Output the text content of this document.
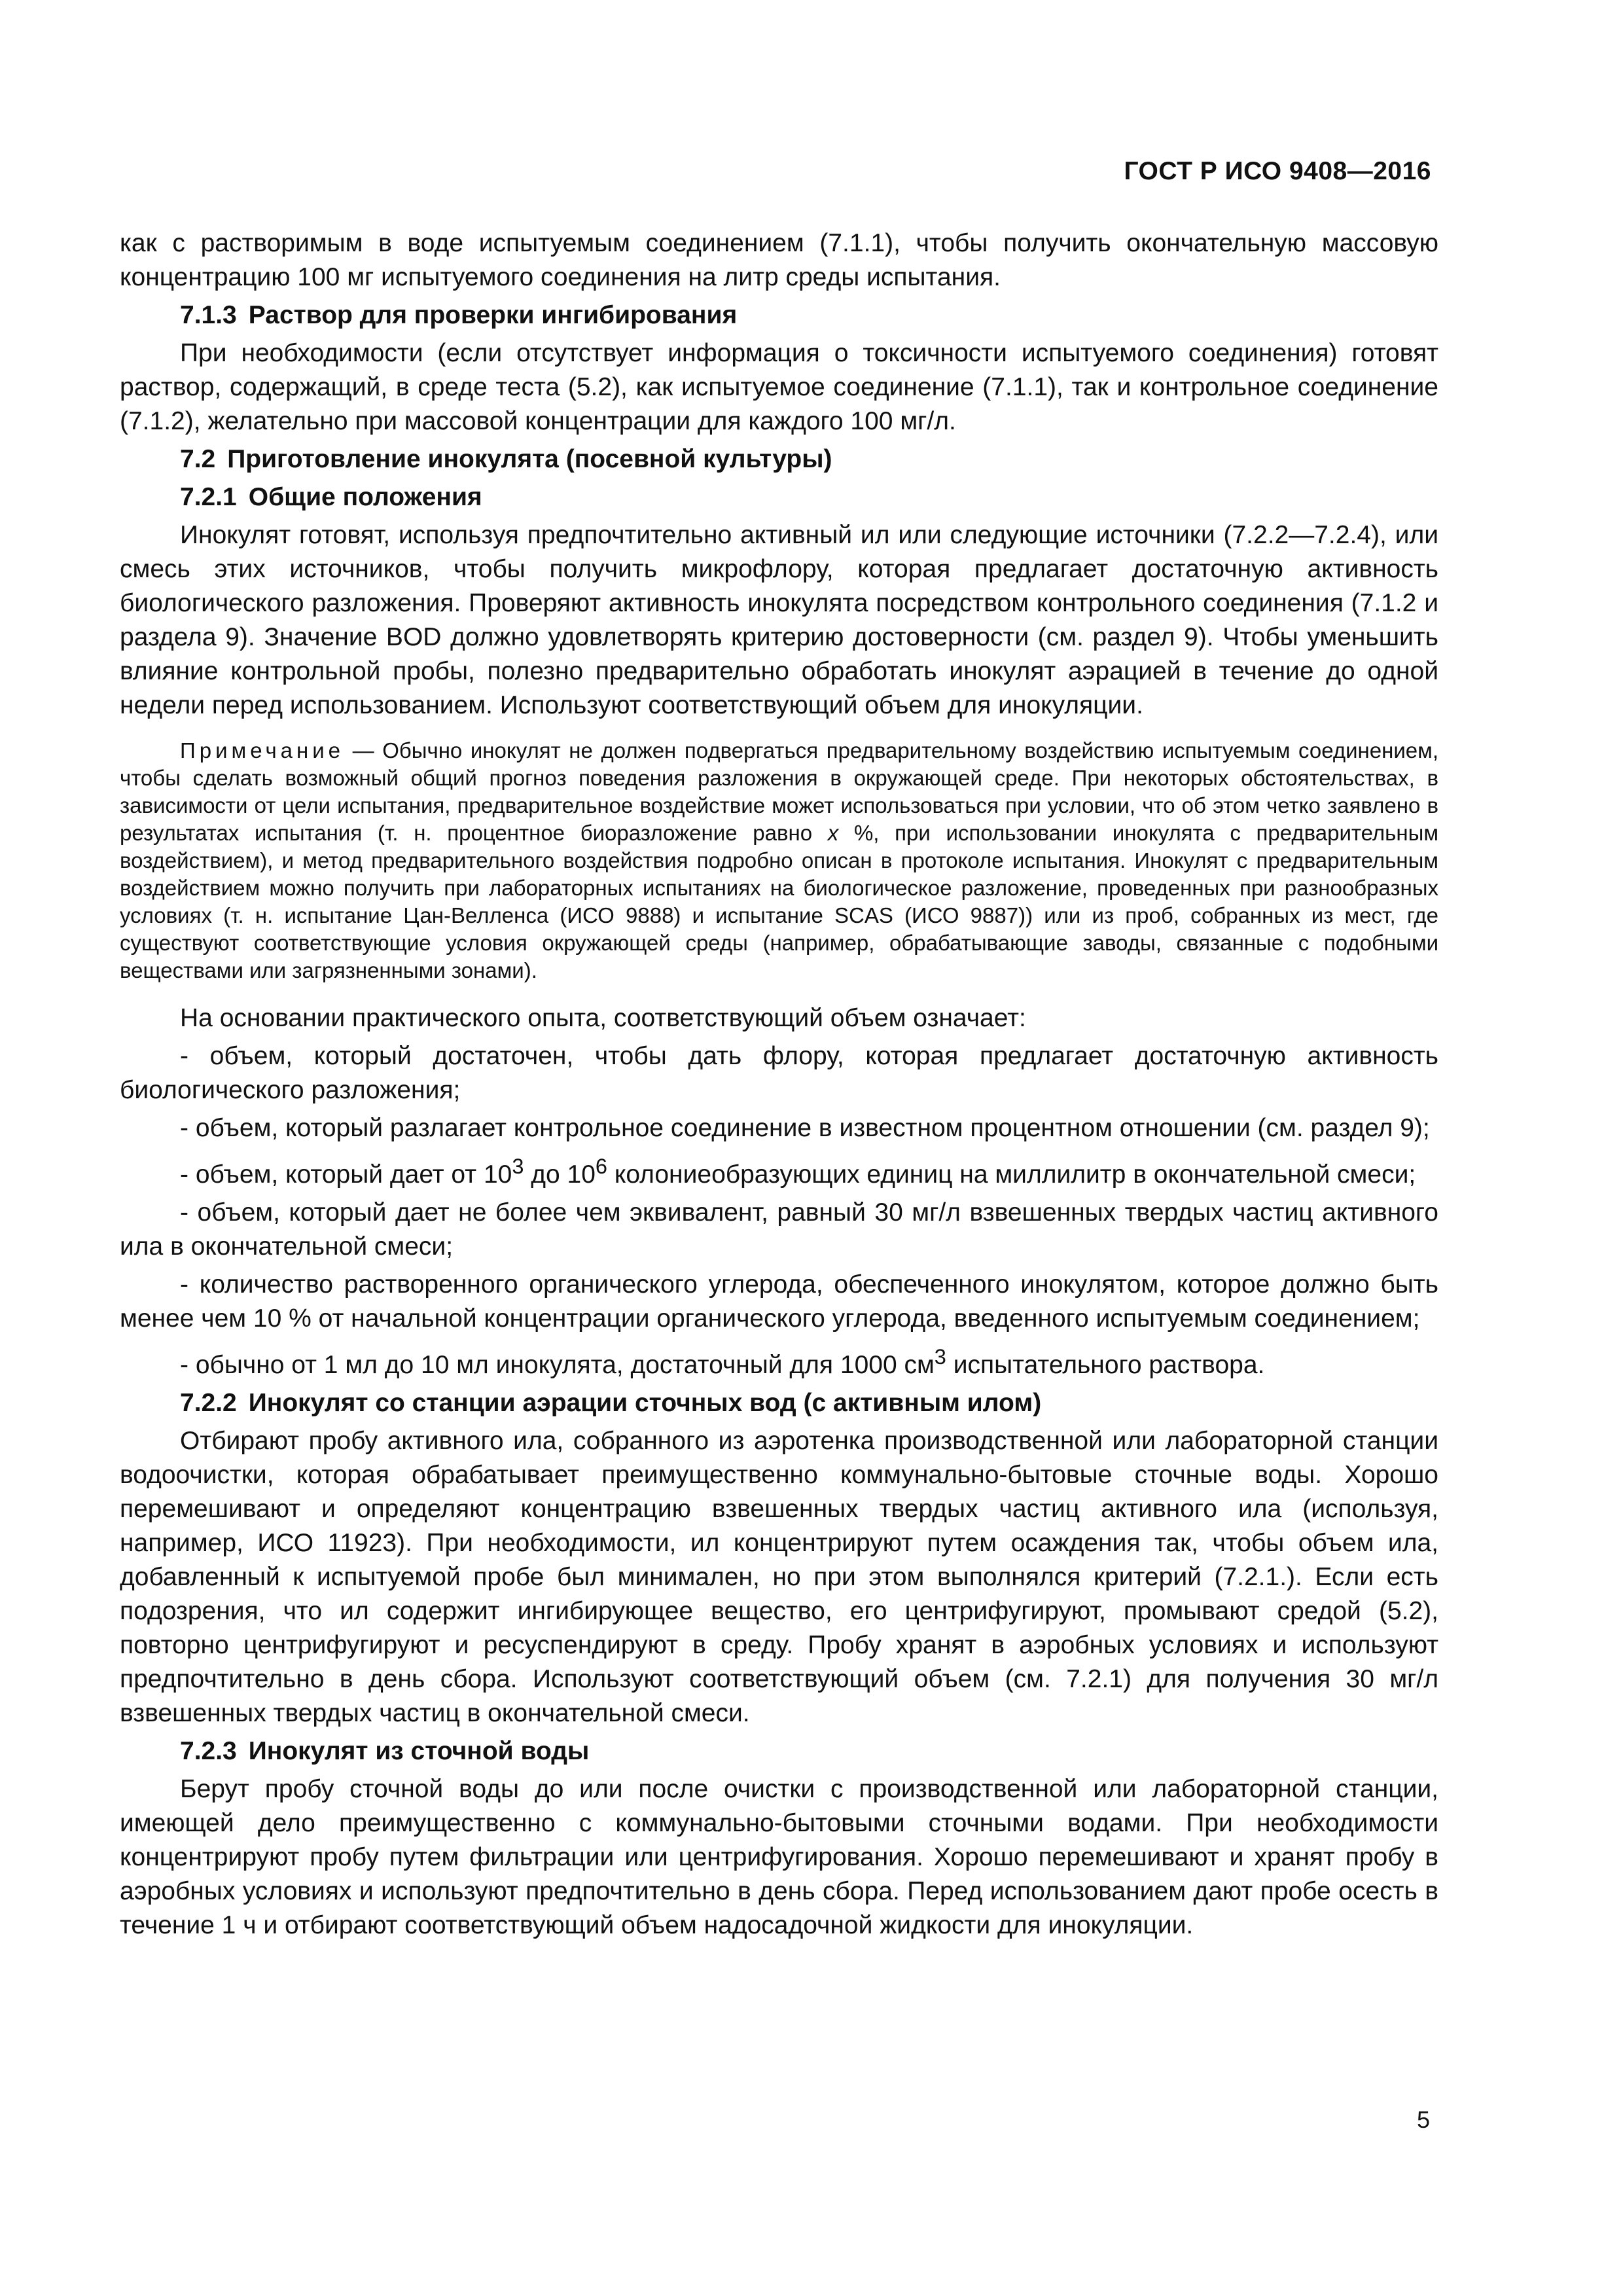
ГОСТ Р ИСО 9408—2016

как с растворимым в воде испытуемым соединением (7.1.1), чтобы получить окончательную массовую концентрацию 100 мг испытуемого соединения на литр среды испытания.

7.1.3 Раствор для проверки ингибирования

При необходимости (если отсутствует информация о токсичности испытуемого соединения) готовят раствор, содержащий, в среде теста (5.2), как испытуемое соединение (7.1.1), так и контрольное соединение (7.1.2), желательно при массовой концентрации для каждого 100 мг/л.

7.2 Приготовление инокулята (посевной культуры)
7.2.1 Общие положения

Инокулят готовят, используя предпочтительно активный ил или следующие источники (7.2.2—7.2.4), или смесь этих источников, чтобы получить микрофлору, которая предлагает достаточную активность биологического разложения. Проверяют активность инокулята посредством контрольного соединения (7.1.2 и раздела 9). Значение BOD должно удовлетворять критерию достоверности (см. раздел 9). Чтобы уменьшить влияние контрольной пробы, полезно предварительно обработать инокулят аэрацией в течение до одной недели перед использованием. Используют соответствующий объем для инокуляции.

Примечание — Обычно инокулят не должен подвергаться предварительному воздействию испытуемым соединением, чтобы сделать возможный общий прогноз поведения разложения в окружающей среде. При некоторых обстоятельствах, в зависимости от цели испытания, предварительное воздействие может использоваться при условии, что об этом четко заявлено в результатах испытания (т. н. процентное биоразложение равно x %, при использовании инокулята с предварительным воздействием), и метод предварительного воздействия подробно описан в протоколе испытания. Инокулят с предварительным воздействием можно получить при лабораторных испытаниях на биологическое разложение, проведенных при разнообразных условиях (т. н. испытание Цан-Велленса (ИСО 9888) и испытание SCAS (ИСО 9887)) или из проб, собранных из мест, где существуют соответствующие условия окружающей среды (например, обрабатывающие заводы, связанные с подобными веществами или загрязненными зонами).

На основании практического опыта, соответствующий объем означает:

- объем, который достаточен, чтобы дать флору, которая предлагает достаточную активность биологического разложения;

- объем, который разлагает контрольное соединение в известном процентном отношении (см. раздел 9);

- объем, который дает от $10^3$ до $10^6$ колониеобразующих единиц на миллилитр в окончательной смеси;

- объем, который дает не более чем эквивалент, равный 30 мг/л взвешенных твердых частиц активного ила в окончательной смеси;

- количество растворенного органического углерода, обеспеченного инокулятом, которое должно быть менее чем 10 % от начальной концентрации органического углерода, введенного испытуемым соединением;

- обычно от 1 мл до 10 мл инокулята, достаточный для 1000 $см^3$ испытательного раствора.

7.2.2 Инокулят со станции аэрации сточных вод (с активным илом)

Отбирают пробу активного ила, собранного из аэротенка производственной или лабораторной станции водоочистки, которая обрабатывает преимущественно коммунально-бытовые сточные воды. Хорошо перемешивают и определяют концентрацию взвешенных твердых частиц активного ила (используя, например, ИСО 11923). При необходимости, ил концентрируют путем осаждения так, чтобы объем ила, добавленный к испытуемой пробе был минимален, но при этом выполнялся критерий (7.2.1.). Если есть подозрения, что ил содержит ингибирующее вещество, его центрифугируют, промывают средой (5.2), повторно центрифугируют и ресуспендируют в среду. Пробу хранят в аэробных условиях и используют предпочтительно в день сбора. Используют соответствующий объем (см. 7.2.1) для получения 30 мг/л взвешенных твердых частиц в окончательной смеси.

7.2.3 Инокулят из сточной воды

Берут пробу сточной воды до или после очистки с производственной или лабораторной станции, имеющей дело преимущественно с коммунально-бытовыми сточными водами. При необходимости концентрируют пробу путем фильтрации или центрифугирования. Хорошо перемешивают и хранят пробу в аэробных условиях и используют предпочтительно в день сбора. Перед использованием дают пробе осесть в течение 1 ч и отбирают соответствующий объем надосадочной жидкости для инокуляции.

5
